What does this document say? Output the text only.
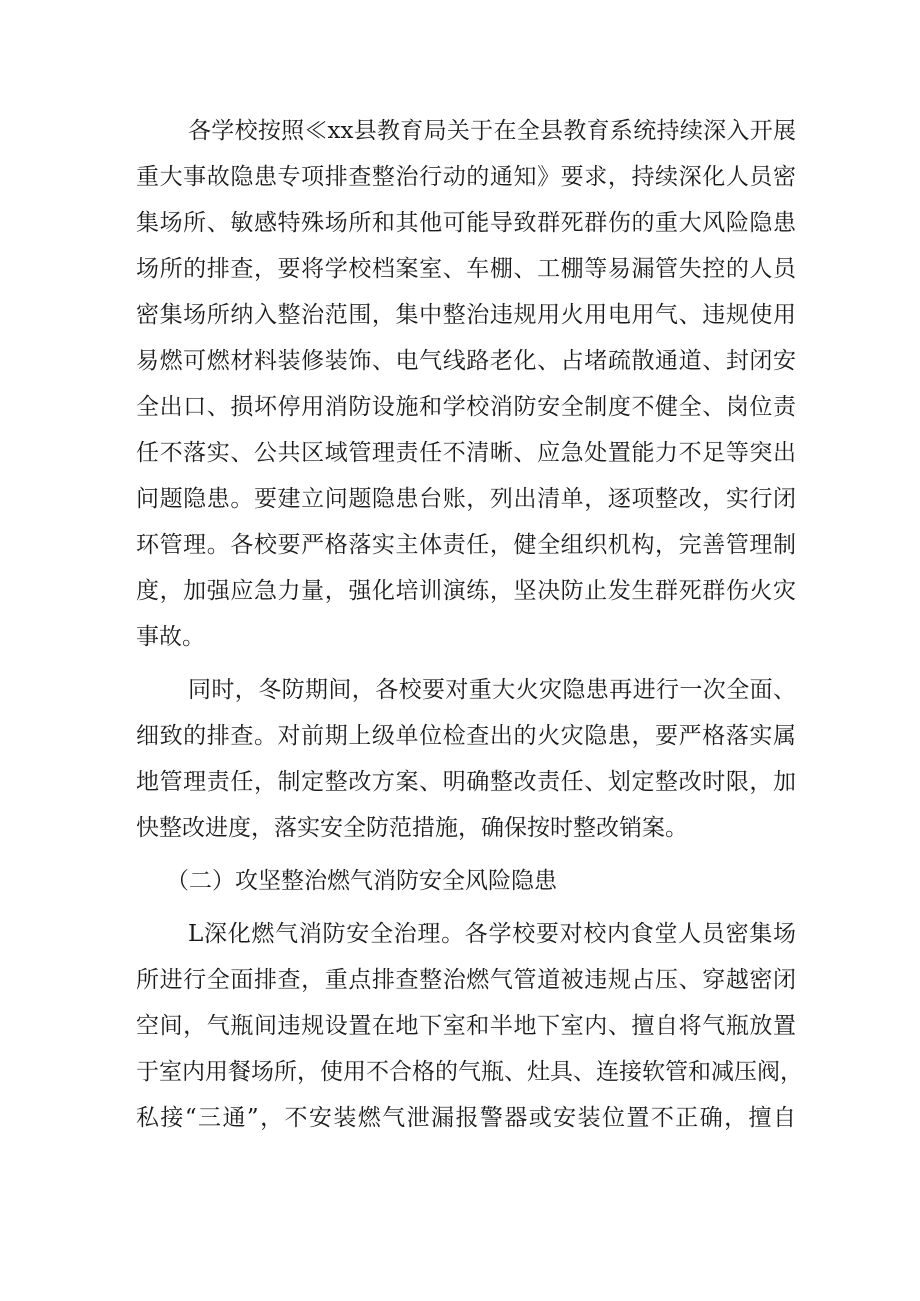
各学校按照≪xx县教育局关于在全县教育系统持续深入开展
重大事故隐患专项排查整治行动的通知》要求，持续深化人员密
集场所、敏感特殊场所和其他可能导致群死群伤的重大风险隐患
场所的排查，要将学校档案室、车棚、工棚等易漏管失控的人员
密集场所纳入整治范围，集中整治违规用火用电用气、违规使用
易燃可燃材料装修装饰、电气线路老化、占堵疏散通道、封闭安
全出口、损坏停用消防设施和学校消防安全制度不健全、岗位责
任不落实、公共区域管理责任不清晰、应急处置能力不足等突出
问题隐患。要建立问题隐患台账，列出清单，逐项整改，实行闭
环管理。各校要严格落实主体责任，健全组织机构，完善管理制
度，加强应急力量，强化培训演练，坚决防止发生群死群伤火灾
事故。
同时，冬防期间，各校要对重大火灾隐患再进行一次全面、
细致的排查。对前期上级单位检查出的火灾隐患，要严格落实属
地管理责任，制定整改方案、明确整改责任、划定整改时限，加
快整改进度，落实安全防范措施，确保按时整改销案。
（二）攻坚整治燃气消防安全风险隐患
L深化燃气消防安全治理。各学校要对校内食堂人员密集场
所进行全面排查，重点排查整治燃气管道被违规占压、穿越密闭
空间，气瓶间违规设置在地下室和半地下室内、擅自将气瓶放置
于室内用餐场所，使用不合格的气瓶、灶具、连接软管和减压阀，
私接“三通”，不安装燃气泄漏报警器或安装位置不正确，擅自
